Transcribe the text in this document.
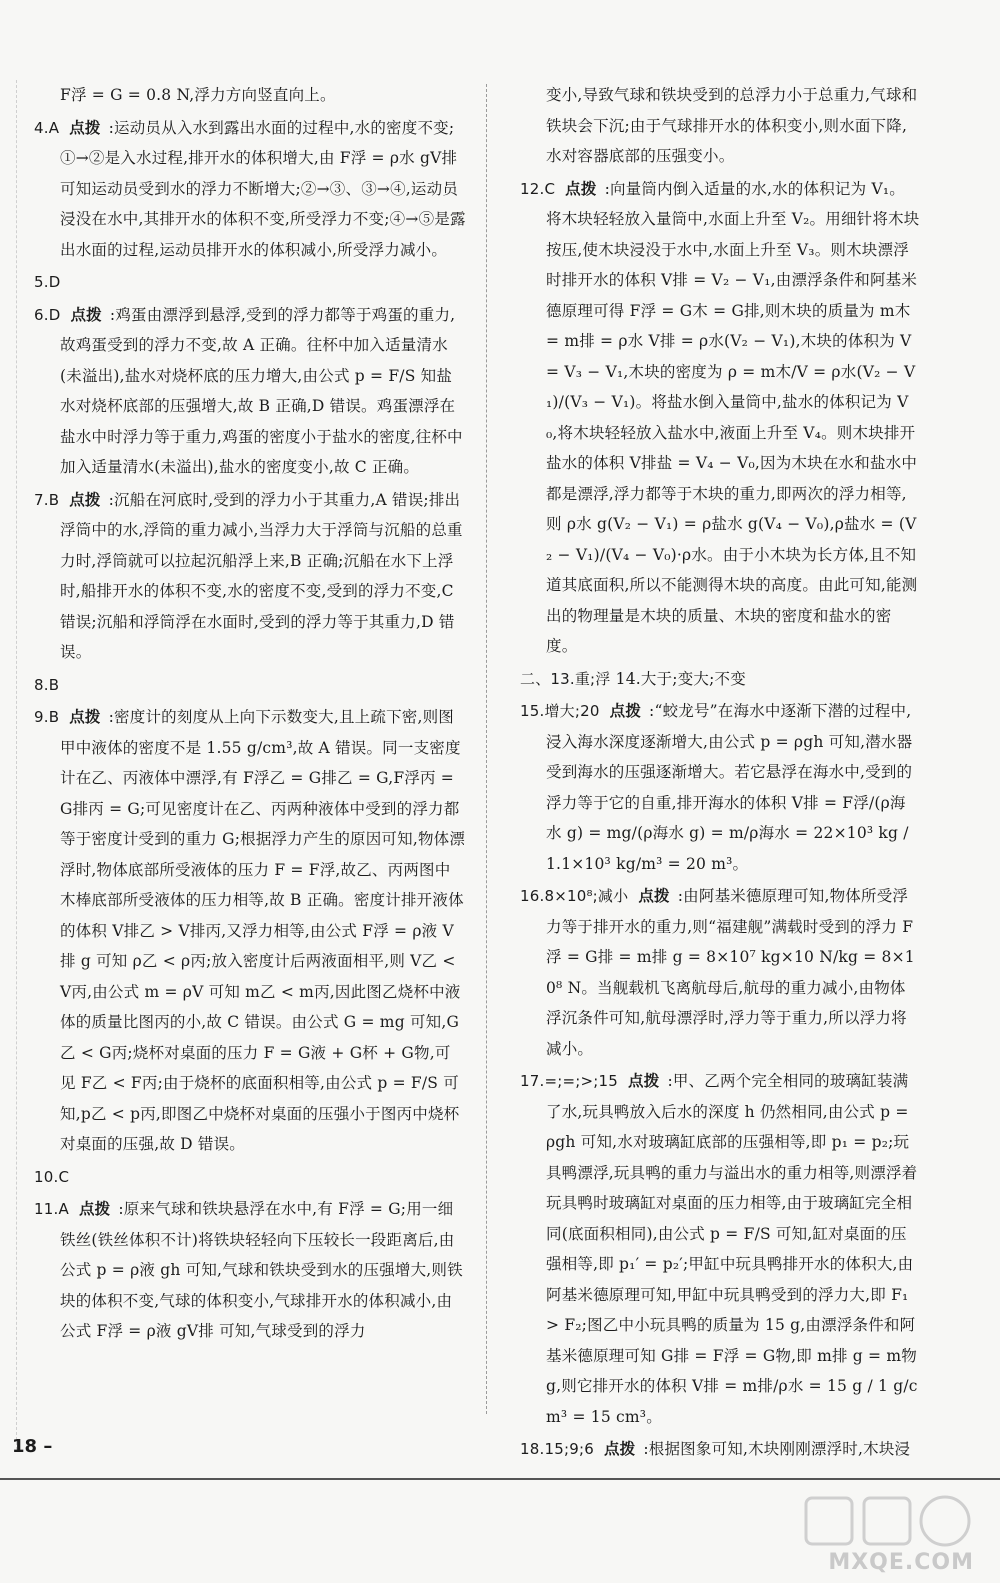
F浮 = G = 0.8 N,浮力方向竖直向上。

4.A 点拨 :运动员从入水到露出水面的过程中,水的密度不变;①→②是入水过程,排开水的体积增大,由 F浮 = ρ水 gV排 可知运动员受到水的浮力不断增大;②→③、③→④,运动员浸没在水中,其排开水的体积不变,所受浮力不变;④→⑤是露出水面的过程,运动员排开水的体积减小,所受浮力减小。

5.D

6.D 点拨 :鸡蛋由漂浮到悬浮,受到的浮力都等于鸡蛋的重力,故鸡蛋受到的浮力不变,故 A 正确。往杯中加入适量清水(未溢出),盐水对烧杯底的压力增大,由公式 p = F/S 知盐水对烧杯底部的压强增大,故 B 正确,D 错误。鸡蛋漂浮在盐水中时浮力等于重力,鸡蛋的密度小于盐水的密度,往杯中加入适量清水(未溢出),盐水的密度变小,故 C 正确。

7.B 点拨 :沉船在河底时,受到的浮力小于其重力,A 错误;排出浮筒中的水,浮筒的重力减小,当浮力大于浮筒与沉船的总重力时,浮筒就可以拉起沉船浮上来,B 正确;沉船在水下上浮时,船排开水的体积不变,水的密度不变,受到的浮力不变,C 错误;沉船和浮筒浮在水面时,受到的浮力等于其重力,D 错误。

8.B

9.B 点拨 :密度计的刻度从上向下示数变大,且上疏下密,则图甲中液体的密度不是 1.55 g/cm³,故 A 错误。同一支密度计在乙、丙液体中漂浮,有 F浮乙 = G排乙 = G,F浮丙 = G排丙 = G;可见密度计在乙、丙两种液体中受到的浮力都等于密度计受到的重力 G;根据浮力产生的原因可知,物体漂浮时,物体底部所受液体的压力 F = F浮,故乙、丙两图中木棒底部所受液体的压力相等,故 B 正确。密度计排开液体的体积 V排乙 > V排丙,又浮力相等,由公式 F浮 = ρ液 V排 g 可知 ρ乙 < ρ丙;放入密度计后两液面相平,则 V乙 < V丙,由公式 m = ρV 可知 m乙 < m丙,因此图乙烧杯中液体的质量比图丙的小,故 C 错误。由公式 G = mg 可知,G乙 < G丙;烧杯对桌面的压力 F = G液 + G杯 + G物,可见 F乙 < F丙;由于烧杯的底面积相等,由公式 p = F/S 可知,p乙 < p丙,即图乙中烧杯对桌面的压强小于图丙中烧杯对桌面的压强,故 D 错误。

10.C

11.A 点拨 :原来气球和铁块悬浮在水中,有 F浮 = G;用一细铁丝(铁丝体积不计)将铁块轻轻向下压较长一段距离后,由公式 p = ρ液 gh 可知,气球和铁块受到水的压强增大,则铁块的体积不变,气球的体积变小,气球排开水的体积减小,由公式 F浮 = ρ液 gV排 可知,气球受到的浮力

变小,导致气球和铁块受到的总浮力小于总重力,气球和铁块会下沉;由于气球排开水的体积变小,则水面下降,水对容器底部的压强变小。

12.C 点拨 :向量筒内倒入适量的水,水的体积记为 V₁。将木块轻轻放入量筒中,水面上升至 V₂。用细针将木块按压,使木块浸没于水中,水面上升至 V₃。则木块漂浮时排开水的体积 V排 = V₂ − V₁,由漂浮条件和阿基米德原理可得 F浮 = G木 = G排,则木块的质量为 m木 = m排 = ρ水 V排 = ρ水(V₂ − V₁),木块的体积为 V = V₃ − V₁,木块的密度为 ρ = m木/V = ρ水(V₂ − V₁)/(V₃ − V₁)。将盐水倒入量筒中,盐水的体积记为 V₀,将木块轻轻放入盐水中,液面上升至 V₄。则木块排开盐水的体积 V排盐 = V₄ − V₀,因为木块在水和盐水中都是漂浮,浮力都等于木块的重力,即两次的浮力相等,则 ρ水 g(V₂ − V₁) = ρ盐水 g(V₄ − V₀),ρ盐水 = (V₂ − V₁)/(V₄ − V₀)·ρ水。由于小木块为长方体,且不知道其底面积,所以不能测得木块的高度。由此可知,能测出的物理量是木块的质量、木块的密度和盐水的密度。

二、13.重;浮 14.大于;变大;不变

15.增大;20 点拨 :“蛟龙号”在海水中逐渐下潜的过程中,浸入海水深度逐渐增大,由公式 p = ρgh 可知,潜水器受到海水的压强逐渐增大。若它悬浮在海水中,受到的浮力等于它的自重,排开海水的体积 V排 = F浮/(ρ海水 g) = mg/(ρ海水 g) = m/ρ海水 = 22×10³ kg / 1.1×10³ kg/m³ = 20 m³。

16.8×10⁸;减小 点拨 :由阿基米德原理可知,物体所受浮力等于排开水的重力,则“福建舰”满载时受到的浮力 F浮 = G排 = m排 g = 8×10⁷ kg×10 N/kg = 8×10⁸ N。当舰载机飞离航母后,航母的重力减小,由物体浮沉条件可知,航母漂浮时,浮力等于重力,所以浮力将减小。

17.=;=;>;15 点拨 :甲、乙两个完全相同的玻璃缸装满了水,玩具鸭放入后水的深度 h 仍然相同,由公式 p = ρgh 可知,水对玻璃缸底部的压强相等,即 p₁ = p₂;玩具鸭漂浮,玩具鸭的重力与溢出水的重力相等,则漂浮着玩具鸭时玻璃缸对桌面的压力相等,由于玻璃缸完全相同(底面积相同),由公式 p = F/S 可知,缸对桌面的压强相等,即 p₁′ = p₂′;甲缸中玩具鸭排开水的体积大,由阿基米德原理可知,甲缸中玩具鸭受到的浮力大,即 F₁ > F₂;图乙中小玩具鸭的质量为 15 g,由漂浮条件和阿基米德原理可知 G排 = F浮 = G物,即 m排 g = m物 g,则它排开水的体积 V排 = m排/ρ水 = 15 g / 1 g/cm³ = 15 cm³。

18.15;9;6 点拨 :根据图象可知,木块刚刚漂浮时,木块浸

18 –
MXQE.COM
